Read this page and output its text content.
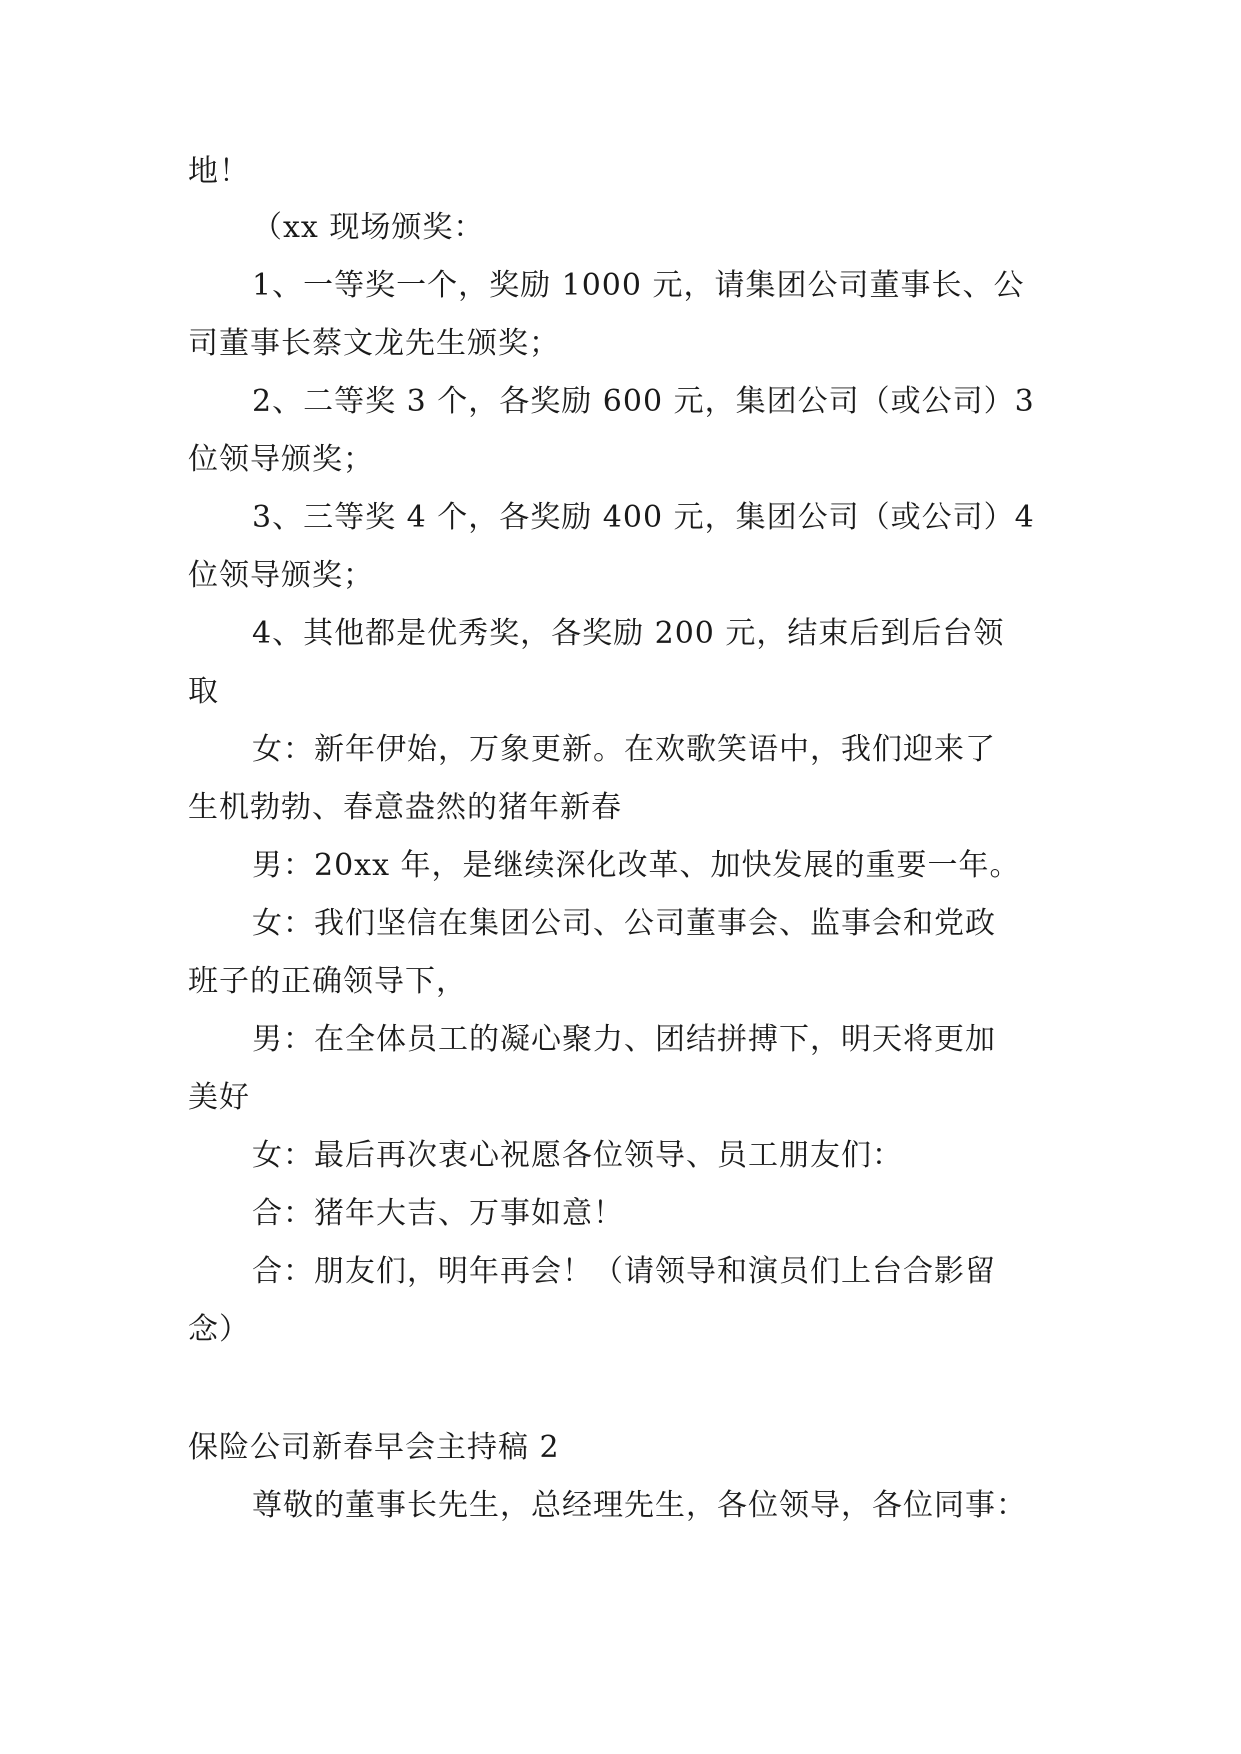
地！
（xx 现场颁奖：
1、一等奖一个，奖励 1000 元，请集团公司董事长、公
司董事长蔡文龙先生颁奖；
2、二等奖 3 个，各奖励 600 元，集团公司（或公司）3
位领导颁奖；
3、三等奖 4 个，各奖励 400 元，集团公司（或公司）4
位领导颁奖；
4、其他都是优秀奖，各奖励 200 元，结束后到后台领
取
女：新年伊始，万象更新。在欢歌笑语中，我们迎来了
生机勃勃、春意盎然的猪年新春
男：20xx 年，是继续深化改革、加快发展的重要一年。
女：我们坚信在集团公司、公司董事会、监事会和党政
班子的正确领导下，
男：在全体员工的凝心聚力、团结拼搏下，明天将更加
美好
女：最后再次衷心祝愿各位领导、员工朋友们：
合：猪年大吉、万事如意！
合：朋友们，明年再会！（请领导和演员们上台合影留
念）
保险公司新春早会主持稿 2
尊敬的董事长先生，总经理先生，各位领导，各位同事：
